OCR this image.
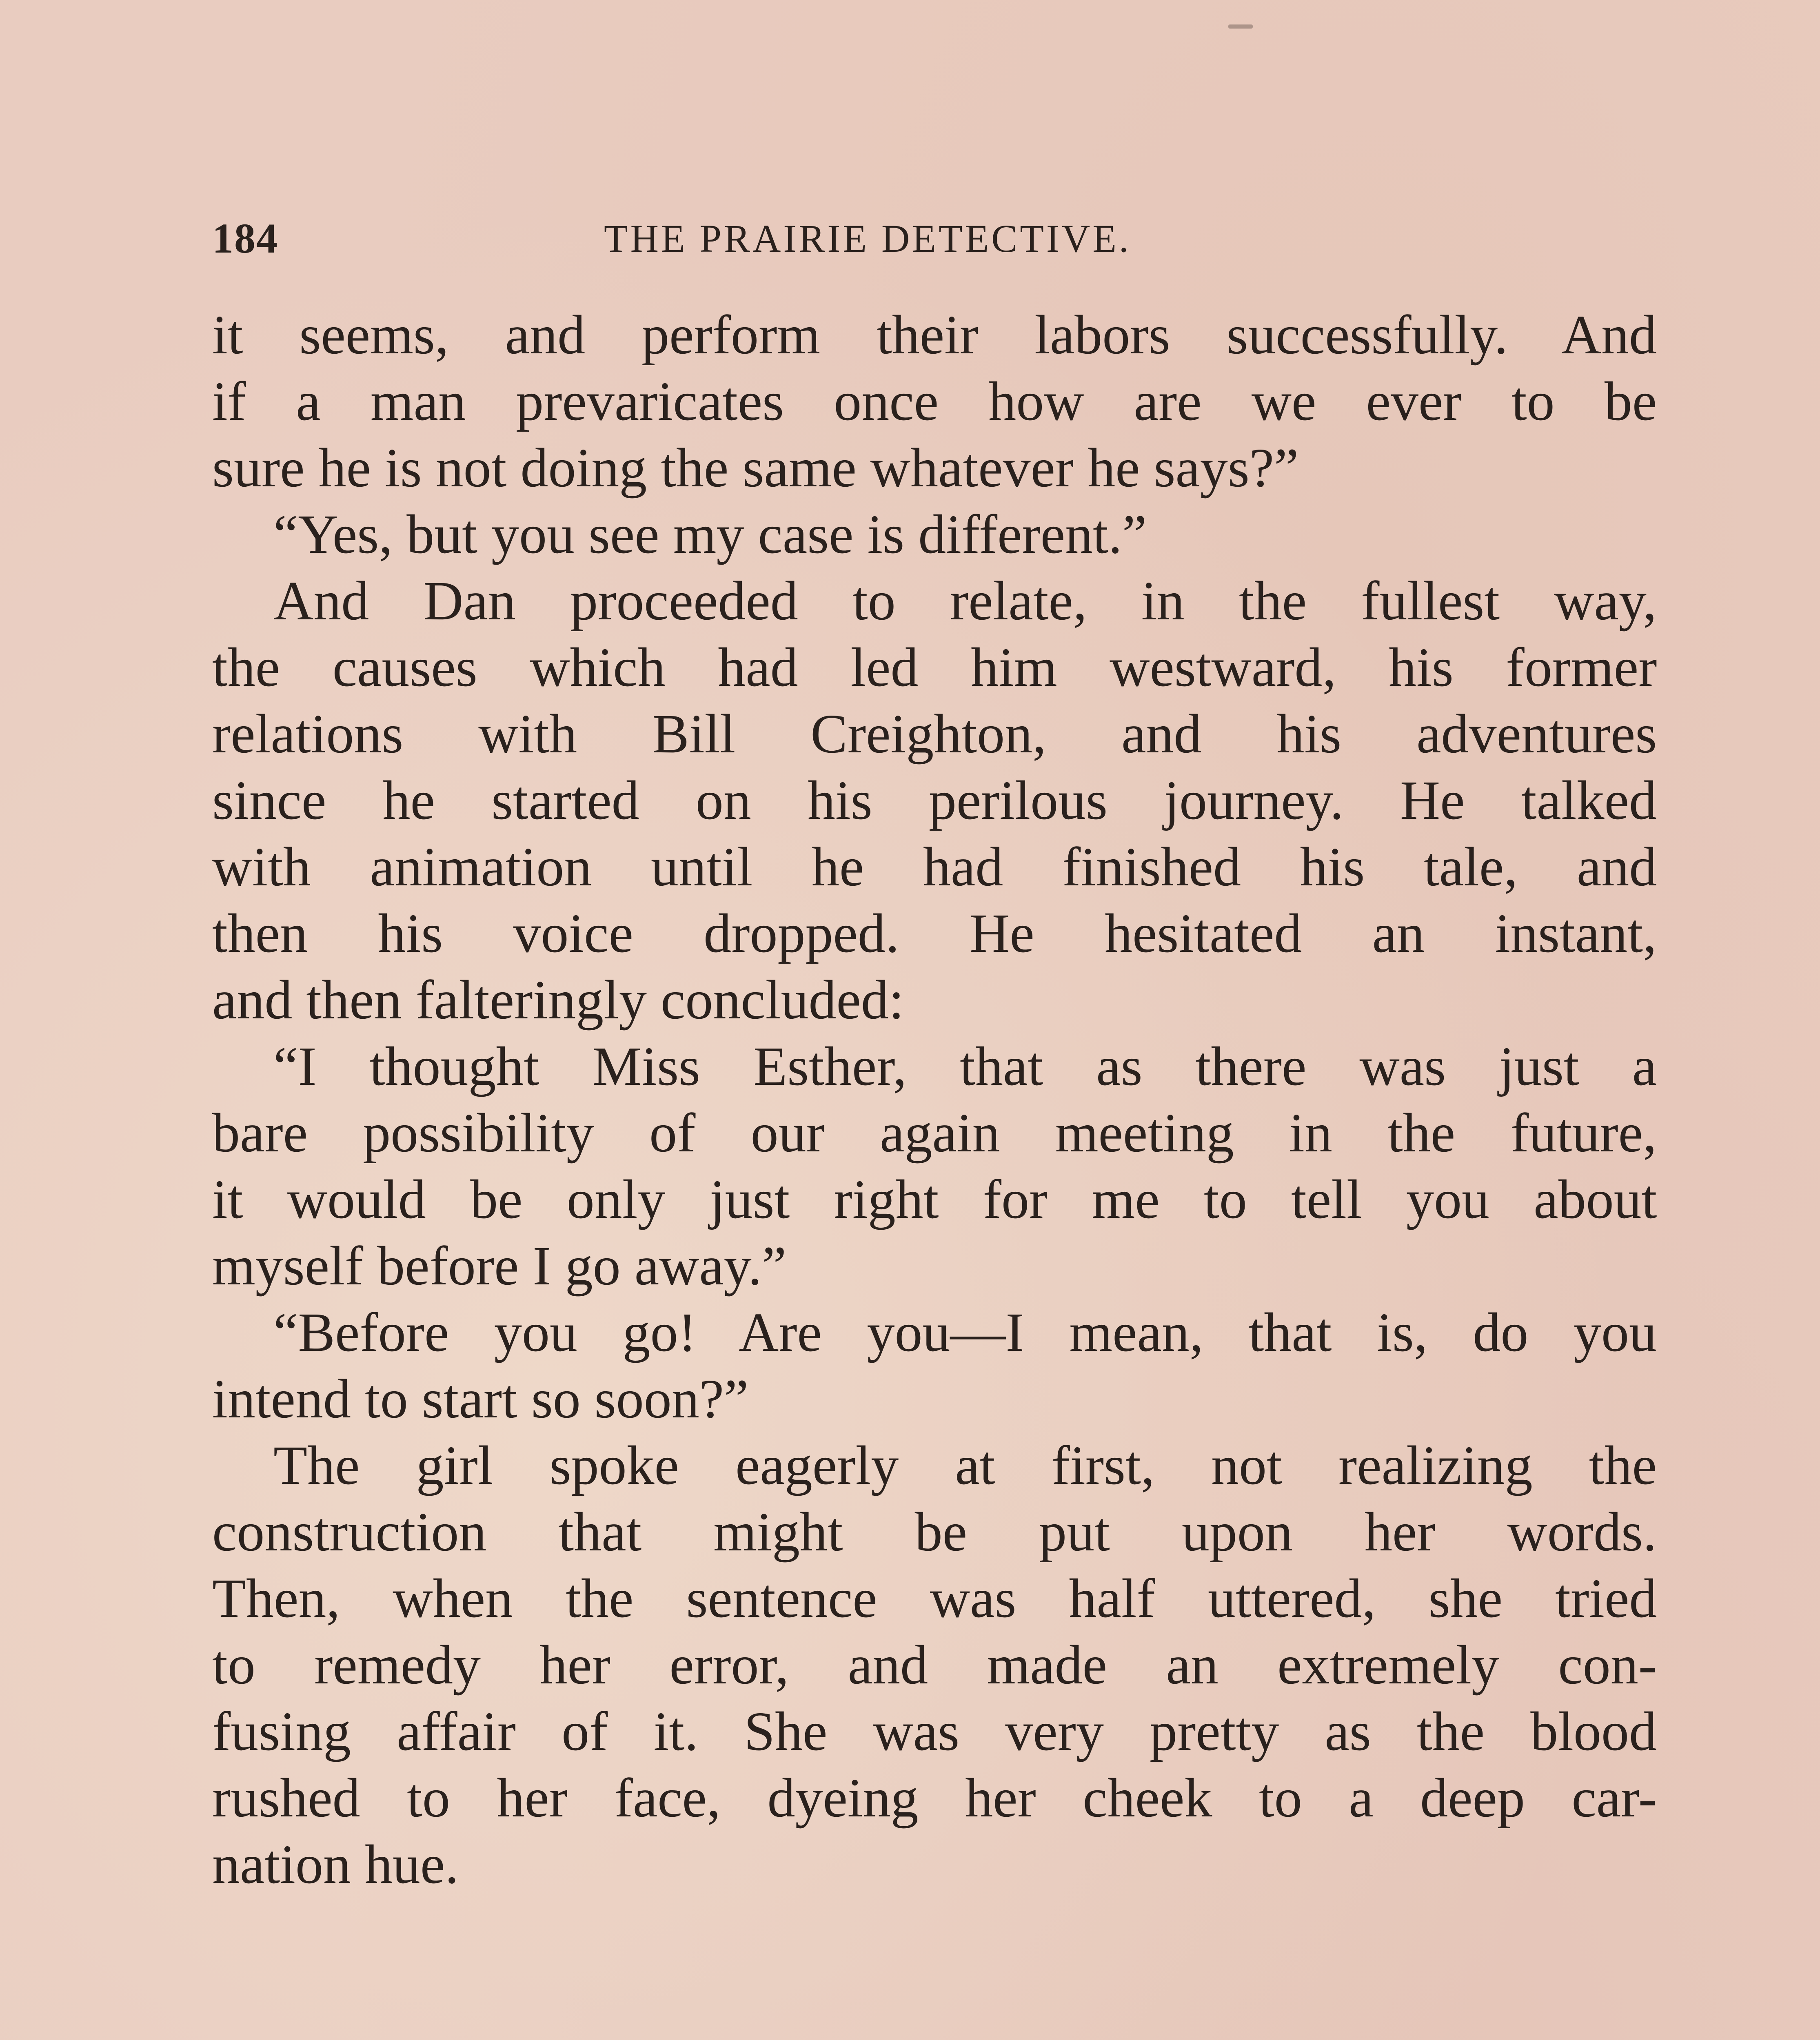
184	THE PRAIRIE DETECTIVE.
it seems, and perform their labors successfully. And
if a man prevaricates once how are we ever to be
sure he is not doing the same whatever he says?”
“Yes, but you see my case is different.”
And Dan proceeded to relate, in the fullest way,
the causes which had led him westward, his former
relations with Bill Creighton, and his adventures
since he started on his perilous journey. He talked
with animation until he had finished his tale, and
then his voice dropped. He hesitated an instant,
and then falteringly concluded:
“I thought Miss Esther, that as there was just a
bare possibility of our again meeting in the future,
it would be only just right for me to tell you about
myself before I go away.”
“Before you go! Are you—I mean, that is, do you
intend to start so soon?”
The girl spoke eagerly at first, not realizing the
construction that might be put upon her words.
Then, when the sentence was half uttered, she tried
to remedy her error, and made an extremely con-
fusing affair of it. She was very pretty as the blood
rushed to her face, dyeing her cheek to a deep car-
nation hue.
